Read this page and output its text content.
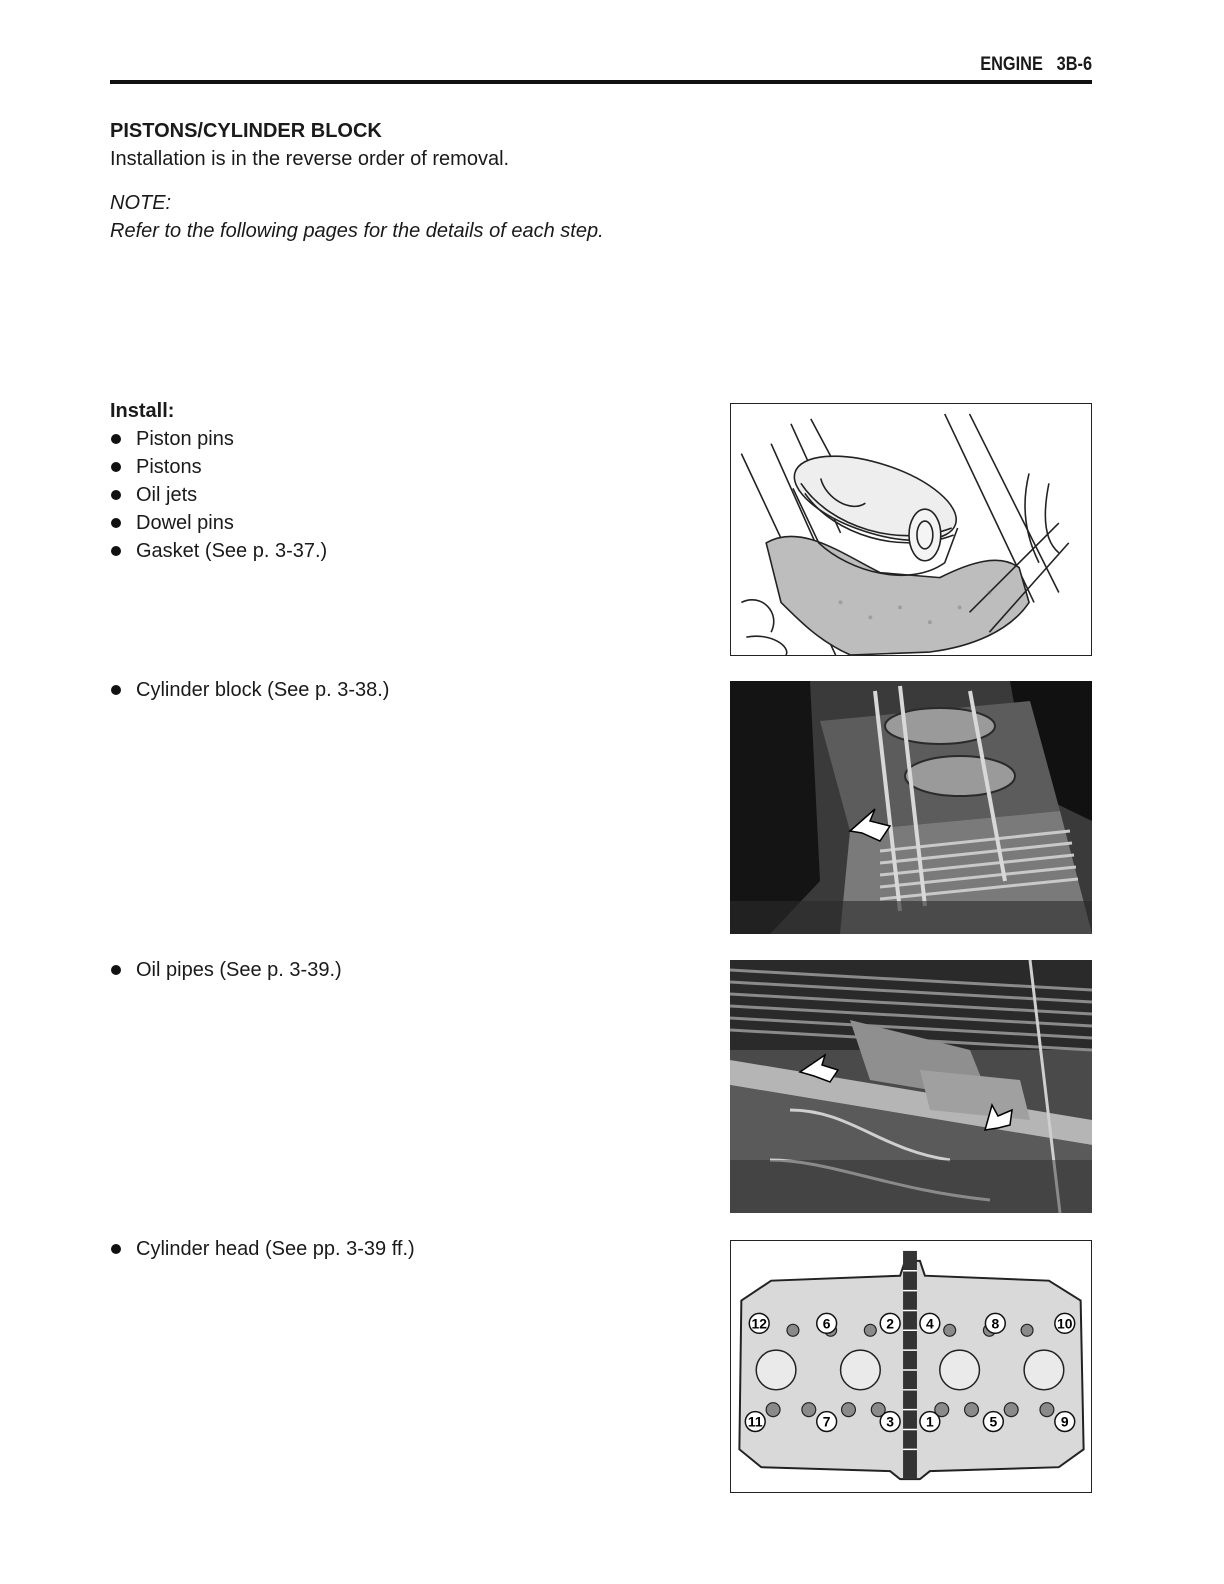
ENGINE 3B-6
PISTONS/CYLINDER BLOCK
Installation is in the reverse order of removal.
NOTE:
Refer to the following pages for the details of each step.
Install:
Piston pins
Pistons
Oil jets
Dowel pins
Gasket (See p. 3-37.)
Cylinder block (See p. 3-38.)
Oil pipes (See p. 3-39.)
Cylinder head (See pp. 3-39 ff.)
12	6	2 4	8	10
11	7	3 1	5	9
